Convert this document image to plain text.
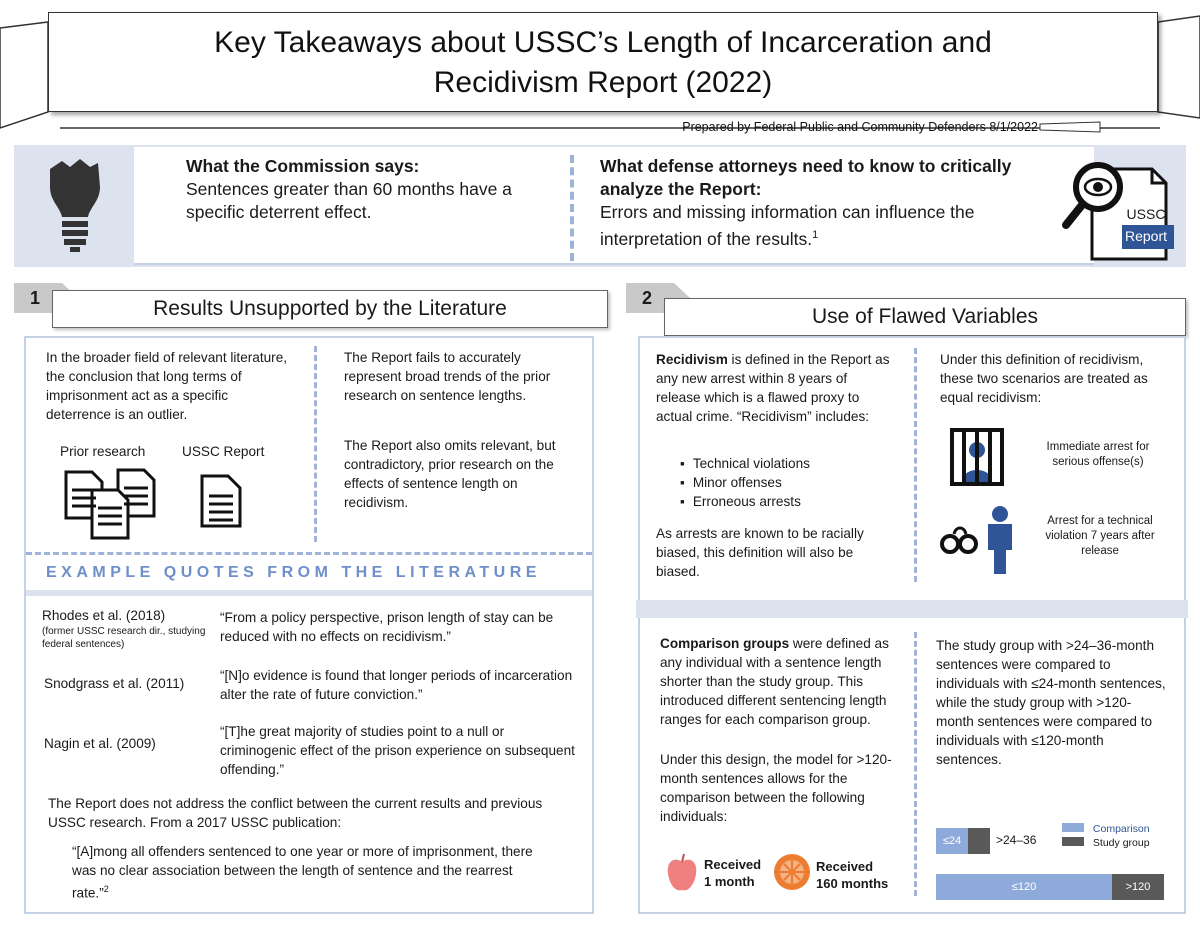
Key Takeaways about USSC’s Length of Incarceration and
Recidivism Report (2022)
Prepared by Federal Public and Community Defenders 8/1/2022
What the Commission says:
Sentences greater than 60 months have a specific deterrent effect.
What defense attorneys need to know to critically analyze the Report:
Errors and missing information can influence the interpretation of the results.$^1$
USSC
Report
1	Results Unsupported by the Literature
In the broader field of relevant literature, the conclusion that long terms of imprisonment act as a specific deterrence is an outlier.
Prior research	USSC Report
The Report fails to accurately represent broad trends of the prior research on sentence lengths.
The Report also omits relevant, but contradictory, prior research on the effects of sentence length on recidivism.
EXAMPLE QUOTES FROM THE LITERATURE
Rhodes et al. (2018)
(former USSC research dir., studying federal sentences)
“From a policy perspective, prison length of stay can be reduced with no effects on recidivism.”
Snodgrass et al. (2011)
“[N]o evidence is found that longer periods of incarceration alter the rate of future conviction.”
Nagin et al. (2009)
“[T]he great majority of studies point to a null or criminogenic effect of the prison experience on subsequent offending.”
The Report does not address the conflict between the current results and previous USSC research. From a 2017 USSC publication:
“[A]mong all offenders sentenced to one year or more of imprisonment, there was no clear association between the length of sentence and the rearrest rate.”$^2$
2
Use of Flawed Variables
Recidivism is defined in the Report as any new arrest within 8 years of release which is a flawed proxy to actual crime. “Recidivism” includes:
▪ Technical violations
▪ Minor offenses
▪ Erroneous arrests
As arrests are known to be racially biased, this definition will also be biased.
Under this definition of recidivism, these two scenarios are treated as equal recidivism:
Immediate arrest for serious offense(s)
Arrest for a technical violation 7 years after release
Comparison groups were defined as any individual with a sentence length shorter than the study group. This introduced different sentencing length ranges for each comparison group.
Under this design, the model for >120-month sentences allows for the comparison between the following individuals:
Received
1 month
Received
160 months
The study group with >24–36-month sentences were compared to individuals with ≤24-month sentences, while the study group with >120-month sentences were compared to individuals with ≤120-month sentences.
Comparison
Study group
≤24	>24–36
≤120	>120
